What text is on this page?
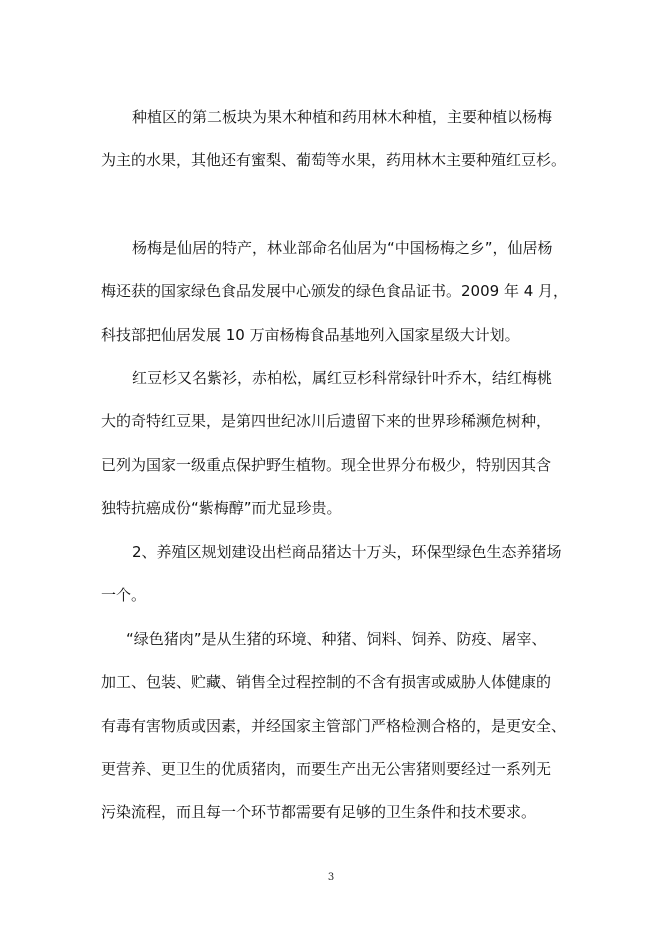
种植区的第二板块为果木种植和药用林木种植，主要种植以杨梅
为主的水果，其他还有蜜梨、葡萄等水果，药用林木主要种殖红豆杉。
杨梅是仙居的特产，林业部命名仙居为“中国杨梅之乡”，仙居杨
梅还获的国家绿色食品发展中心颁发的绿色食品证书。2009 年 4 月，
科技部把仙居发展 10 万亩杨梅食品基地列入国家星级大计划。
红豆杉又名紫衫，赤柏松，属红豆杉科常绿针叶乔木，结红梅桃
大的奇特红豆果，是第四世纪冰川后遗留下来的世界珍稀濒危树种，
已列为国家一级重点保护野生植物。现全世界分布极少，特别因其含
独特抗癌成份“紫梅醇”而尤显珍贵。
2、养殖区规划建设出栏商品猪达十万头，环保型绿色生态养猪场
一个。
“绿色猪肉”是从生猪的环境、种猪、饲料、饲养、防疫、屠宰、
加工、包装、贮藏、销售全过程控制的不含有损害或威胁人体健康的
有毒有害物质或因素，并经国家主管部门严格检测合格的，是更安全、
更营养、更卫生的优质猪肉，而要生产出无公害猪则要经过一系列无
污染流程，而且每一个环节都需要有足够的卫生条件和技术要求。
3
